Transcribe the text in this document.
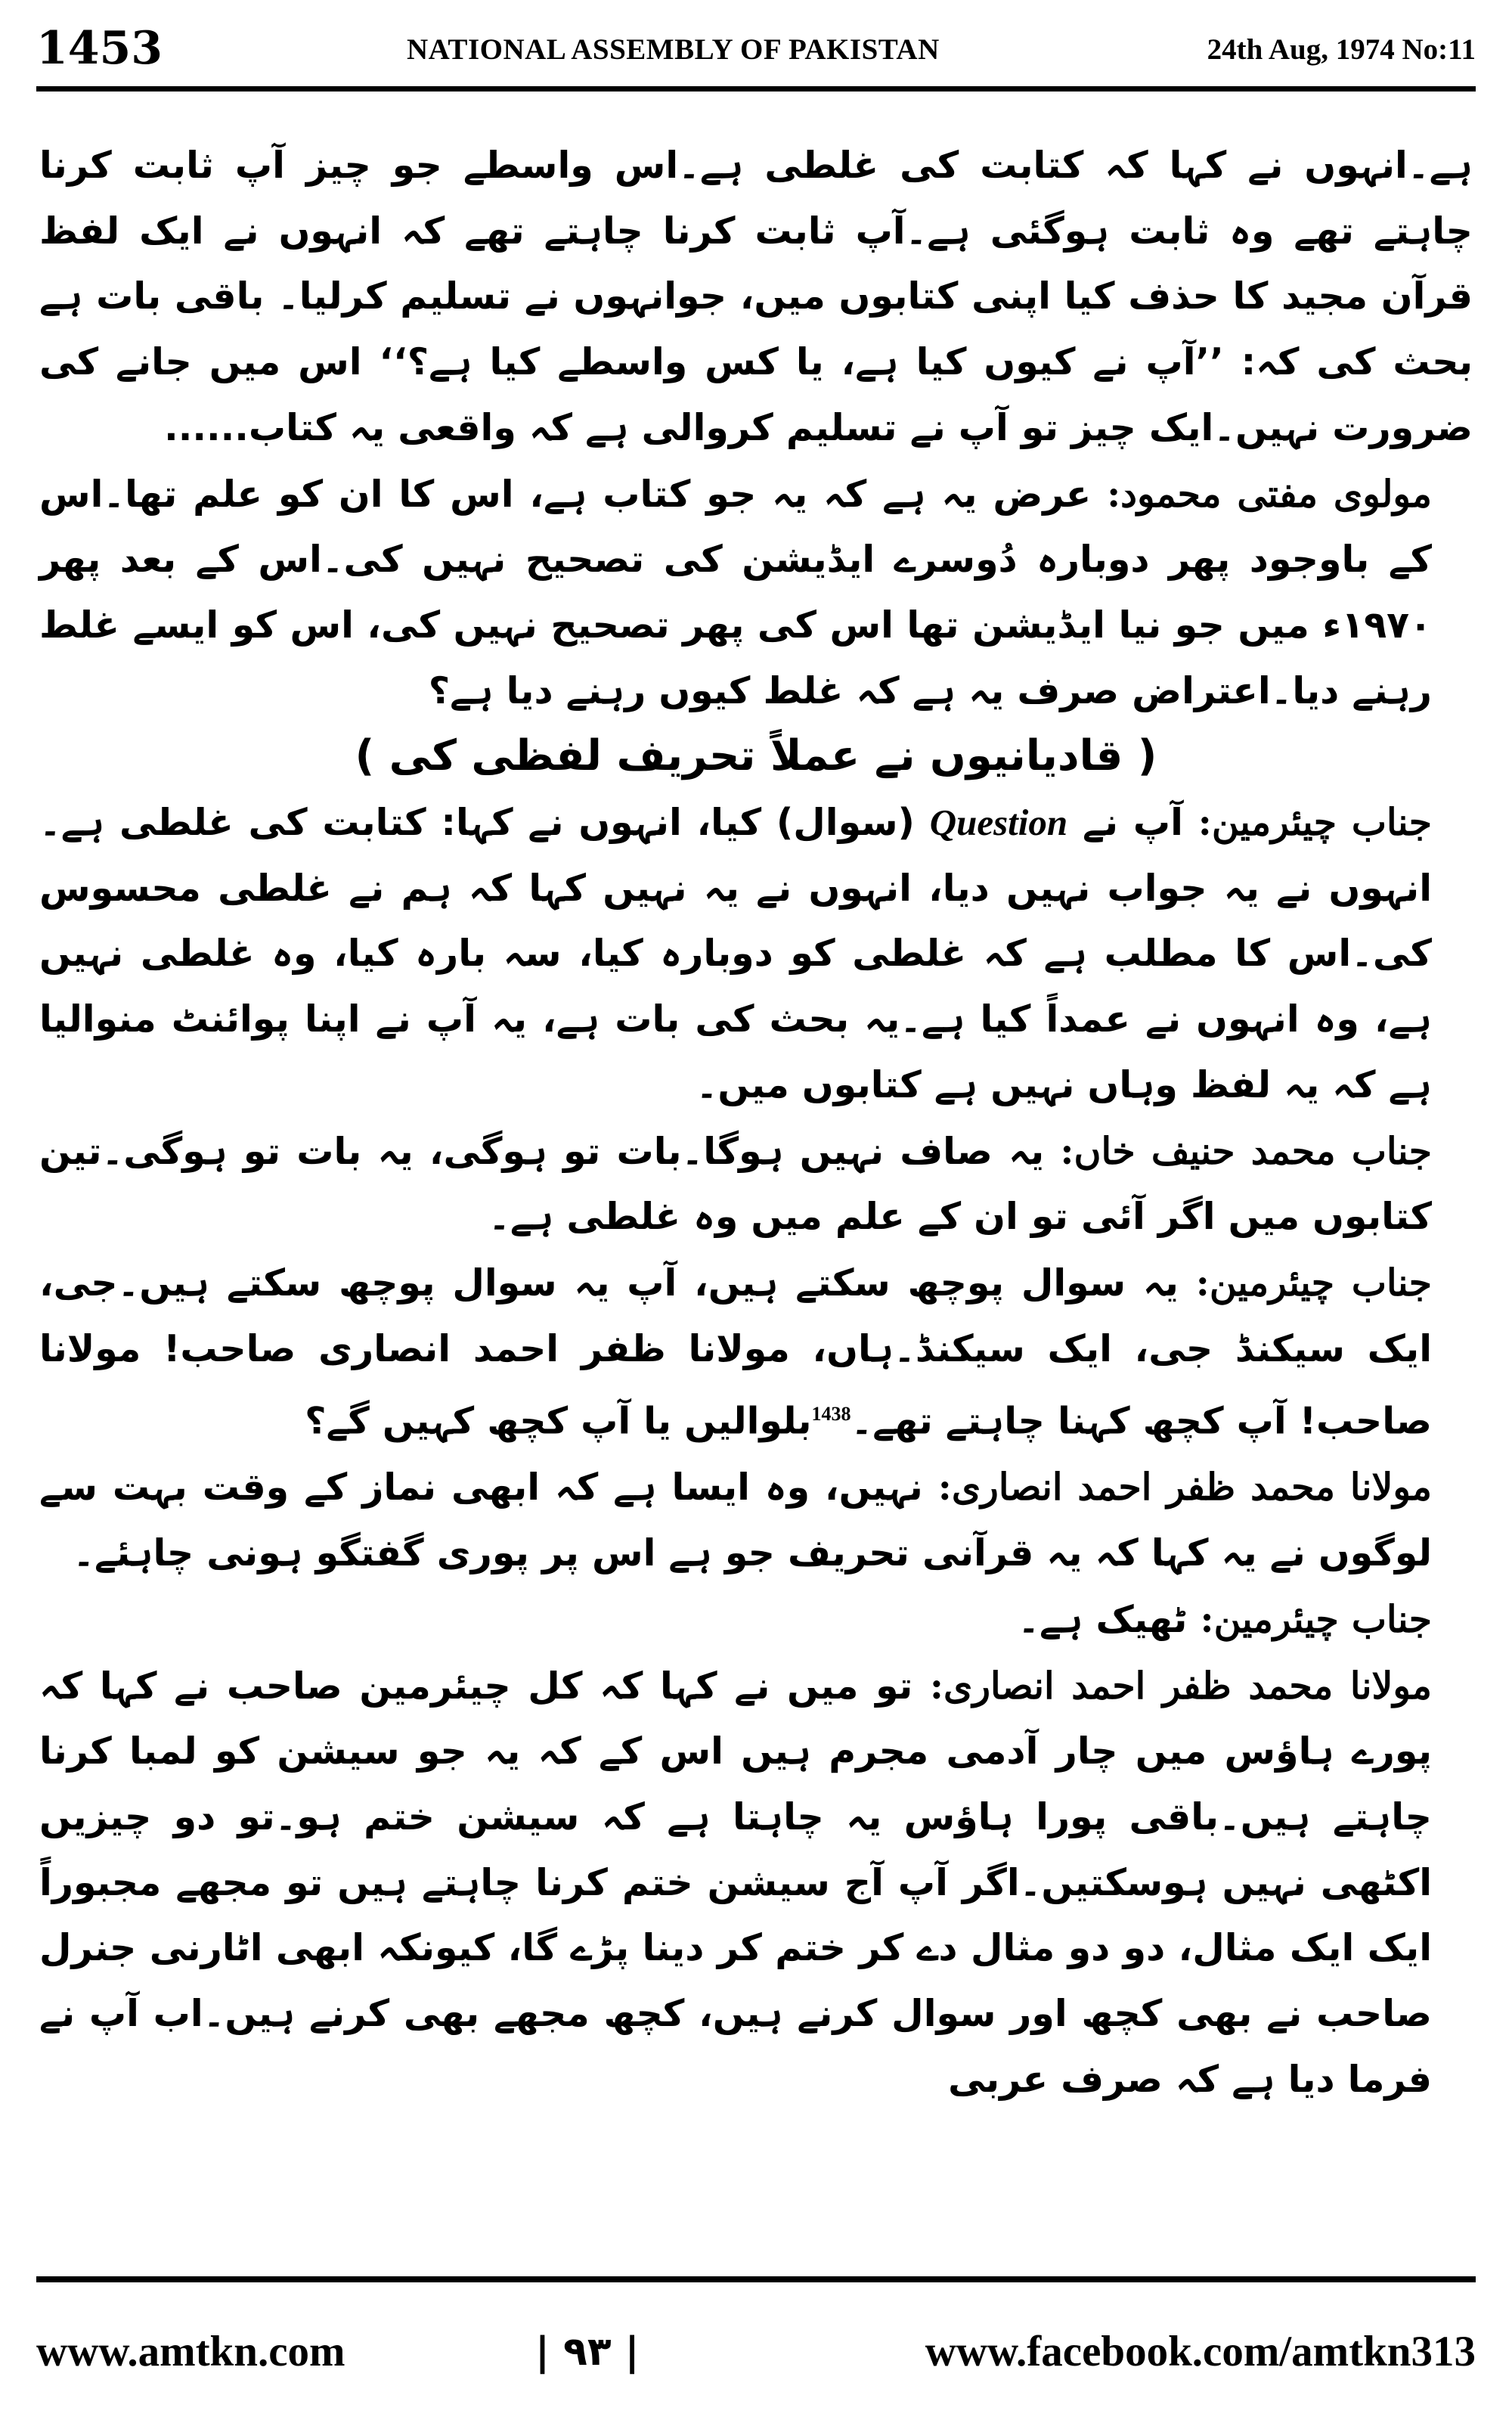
1453	NATIONAL ASSEMBLY OF PAKISTAN	24th Aug, 1974 No:11

ہے۔انہوں نے کہا کہ کتابت کی غلطی ہے۔اس واسطے جو چیز آپ ثابت کرنا چاہتے تھے وہ ثابت ہوگئی ہے۔آپ ثابت کرنا چاہتے تھے کہ انہوں نے ایک لفظ قرآن مجید کا حذف کیا اپنی کتابوں میں، جوانہوں نے تسلیم کرلیا۔ باقی بات ہے بحث کی کہ: ’’آپ نے کیوں کیا ہے، یا کس واسطے کیا ہے؟‘‘ اس میں جانے کی ضرورت نہیں۔ایک چیز تو آپ نے تسلیم کروالی ہے کہ واقعی یہ کتاب......

مولوی مفتی محمود: عرض یہ ہے کہ یہ جو کتاب ہے، اس کا ان کو علم تھا۔اس کے باوجود پھر دوبارہ دُوسرے ایڈیشن کی تصحیح نہیں کی۔اس کے بعد پھر ۱۹۷۰ء میں جو نیا ایڈیشن تھا اس کی پھر تصحیح نہیں کی، اس کو ایسے غلط رہنے دیا۔اعتراض صرف یہ ہے کہ غلط کیوں رہنے دیا ہے؟

( قادیانیوں نے عملاً تحریف لفظی کی )

جناب چیئرمین: آپ نے Question (سوال) کیا، انہوں نے کہا: کتابت کی غلطی ہے۔انہوں نے یہ جواب نہیں دیا، انہوں نے یہ نہیں کہا کہ ہم نے غلطی محسوس کی۔اس کا مطلب ہے کہ غلطی کو دوبارہ کیا، سہ بارہ کیا، وہ غلطی نہیں ہے، وہ انہوں نے عمداً کیا ہے۔یہ بحث کی بات ہے، یہ آپ نے اپنا پوائنٹ منوالیا ہے کہ یہ لفظ وہاں نہیں ہے کتابوں میں۔

جناب محمد حنیف خاں: یہ صاف نہیں ہوگا۔بات تو ہوگی، یہ بات تو ہوگی۔تین کتابوں میں اگر آئی تو ان کے علم میں وہ غلطی ہے۔

جناب چیئرمین: یہ سوال پوچھ سکتے ہیں، آپ یہ سوال پوچھ سکتے ہیں۔جی، ایک سیکنڈ جی، ایک سیکنڈ۔ہاں، مولانا ظفر احمد انصاری صاحب! مولانا صاحب! آپ کچھ کہنا چاہتے تھے۔$^{1438}$بلوالیں یا آپ کچھ کہیں گے؟

مولانا محمد ظفر احمد انصاری: نہیں، وہ ایسا ہے کہ ابھی نماز کے وقت بہت سے لوگوں نے یہ کہا کہ یہ قرآنی تحریف جو ہے اس پر پوری گفتگو ہونی چاہئے۔

جناب چیئرمین: ٹھیک ہے۔

مولانا محمد ظفر احمد انصاری: تو میں نے کہا کہ کل چیئرمین صاحب نے کہا کہ پورے ہاؤس میں چار آدمی مجرم ہیں اس کے کہ یہ جو سیشن کو لمبا کرنا چاہتے ہیں۔باقی پورا ہاؤس یہ چاہتا ہے کہ سیشن ختم ہو۔تو دو چیزیں اکٹھی نہیں ہوسکتیں۔اگر آپ آج سیشن ختم کرنا چاہتے ہیں تو مجھے مجبوراً ایک ایک مثال، دو دو مثال دے کر ختم کر دینا پڑے گا، کیونکہ ابھی اٹارنی جنرل صاحب نے بھی کچھ اور سوال کرنے ہیں، کچھ مجھے بھی کرنے ہیں۔اب آپ نے فرما دیا ہے کہ صرف عربی

www.amtkn.com	| ۹۳ |	www.facebook.com/amtkn313
